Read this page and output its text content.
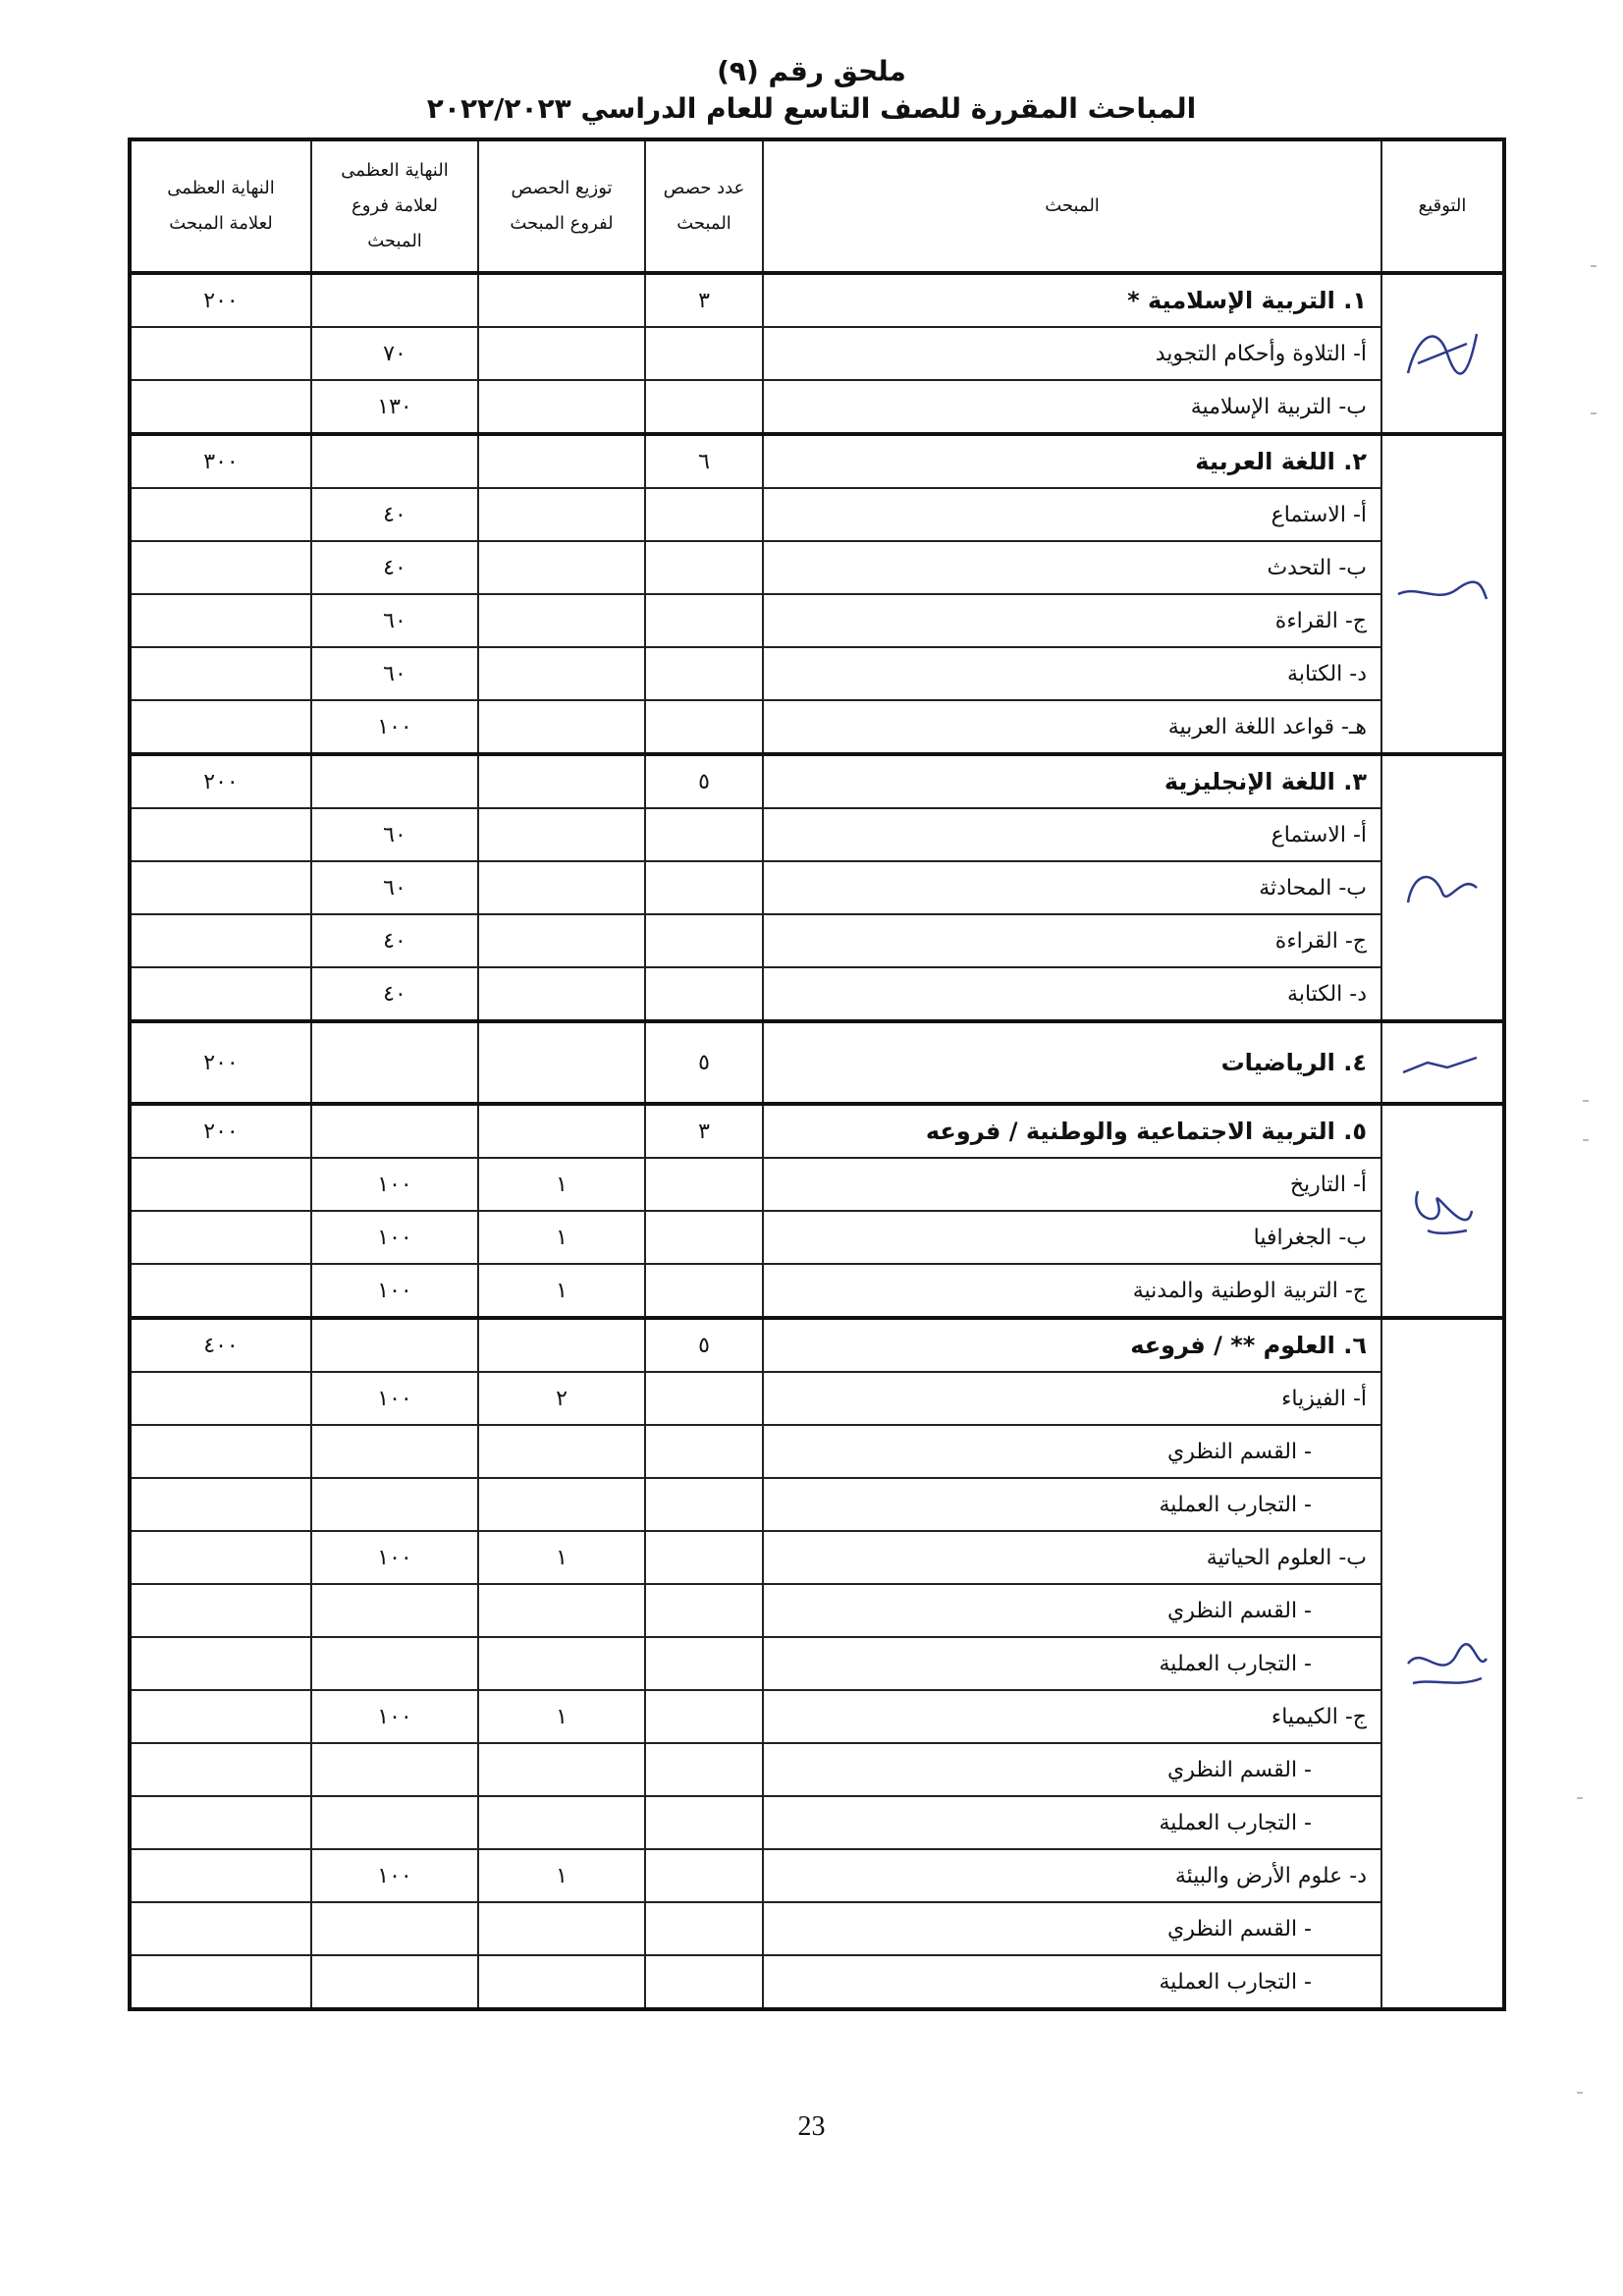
ملحق رقم (٩)
المباحث المقررة للصف التاسع للعام الدراسي ٢٠٢٢/٢٠٢٣
التوقيع	المبحث	عدد حصص المبحث	توزيع الحصص لفروع المبحث	النهاية العظمى لعلامة فروع المبحث	النهاية العظمى لعلامة المبحث

	١. التربية الإسلامية *	٣			٢٠٠
	أ- التلاوة وأحكام التجويد			٧٠	
	ب- التربية الإسلامية			١٣٠	

	٢. اللغة العربية	٦			٣٠٠
	أ- الاستماع			٤٠	
	ب- التحدث			٤٠	
	ج- القراءة			٦٠	
	د- الكتابة			٦٠	
	هـ- قواعد اللغة العربية			١٠٠	

	٣. اللغة الإنجليزية	٥			٢٠٠
	أ- الاستماع			٦٠	
	ب- المحادثة			٦٠	
	ج- القراءة			٤٠	
	د- الكتابة			٤٠	

	٤. الرياضيات	٥			٢٠٠

	٥. التربية الاجتماعية والوطنية / فروعه	٣			٢٠٠
	أ- التاريخ		١	١٠٠	
	ب- الجغرافيا		١	١٠٠	
	ج- التربية الوطنية والمدنية		١	١٠٠	

	٦. العلوم ** / فروعه	٥			٤٠٠
	أ- الفيزياء		٢	١٠٠	
	- القسم النظري				
	- التجارب العملية				
	ب- العلوم الحياتية		١	١٠٠	
	- القسم النظري				
	- التجارب العملية				
	ج- الكيمياء		١	١٠٠	
	- القسم النظري				
	- التجارب العملية				
	د- علوم الأرض والبيئة		١	١٠٠	
	- القسم النظري				
	- التجارب العملية				
23
